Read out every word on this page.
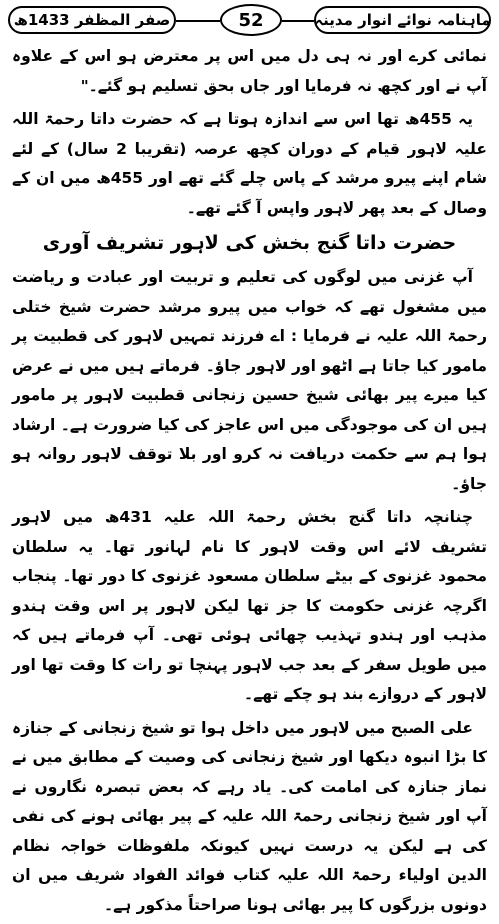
صفر المظفر 1433ھ	52	ماہنامہ نوائے انوار مدینہ

نمائی کرے اور نہ ہی دل میں اس پر معترض ہو اس کے علاوہ آپ نے اور کچھ نہ فرمایا اور جاں بحق تسلیم ہو گئے۔"

یہ 455ھ تھا اس سے اندازہ ہوتا ہے کہ حضرت داتا رحمۃ اللہ علیہ لاہور قیام کے دوران کچھ عرصہ (تقریبا 2 سال) کے لئے شام اپنے پیرو مرشد کے پاس چلے گئے تھے اور 455ھ میں ان کے وصال کے بعد پھر لاہور واپس آ گئے تھے۔

حضرت داتا گنج بخش کی لاہور تشریف آوری

آپ غزنی میں لوگوں کی تعلیم و تربیت اور عبادت و ریاضت میں مشغول تھے کہ خواب میں پیرو مرشد حضرت شیخ ختلی رحمۃ اللہ علیہ نے فرمایا : اے فرزند تمہیں لاہور کی قطبیت پر مامور کیا جاتا ہے اٹھو اور لاہور جاؤ۔ فرماتے ہیں میں نے عرض کیا میرے پیر بھائی شیخ حسین زنجانی قطبیت لاہور پر مامور ہیں ان کی موجودگی میں اس عاجز کی کیا ضرورت ہے۔ ارشاد ہوا ہم سے حکمت دریافت نہ کرو اور بلا توقف لاہور روانہ ہو جاؤ۔

چنانچہ داتا گنج بخش رحمۃ اللہ علیہ 431ھ میں لاہور تشریف لائے اس وقت لاہور کا نام لہانور تھا۔ یہ سلطان محمود غزنوی کے بیٹے سلطان مسعود غزنوی کا دور تھا۔ پنجاب اگرچہ غزنی حکومت کا جز تھا لیکن لاہور پر اس وقت ہندو مذہب اور ہندو تہذیب چھائی ہوئی تھی۔ آپ فرماتے ہیں کہ میں طویل سفر کے بعد جب لاہور پہنچا تو رات کا وقت تھا اور لاہور کے دروازے بند ہو چکے تھے۔

علی الصبح میں لاہور میں داخل ہوا تو شیخ زنجانی کے جنازہ کا بڑا انبوہ دیکھا اور شیخ زنجانی کی وصیت کے مطابق میں نے نماز جنازہ کی امامت کی۔ یاد رہے کہ بعض تبصرہ نگاروں نے آپ اور شیخ زنجانی رحمۃ اللہ علیہ کے پیر بھائی ہونے کی نفی کی ہے لیکن یہ درست نہیں کیونکہ ملفوظات خواجہ نظام الدین اولیاء رحمۃ اللہ علیہ کتاب فوائد الفواد شریف میں ان دونوں بزرگوں کا پیر بھائی ہونا صراحتاً مذکور ہے۔
